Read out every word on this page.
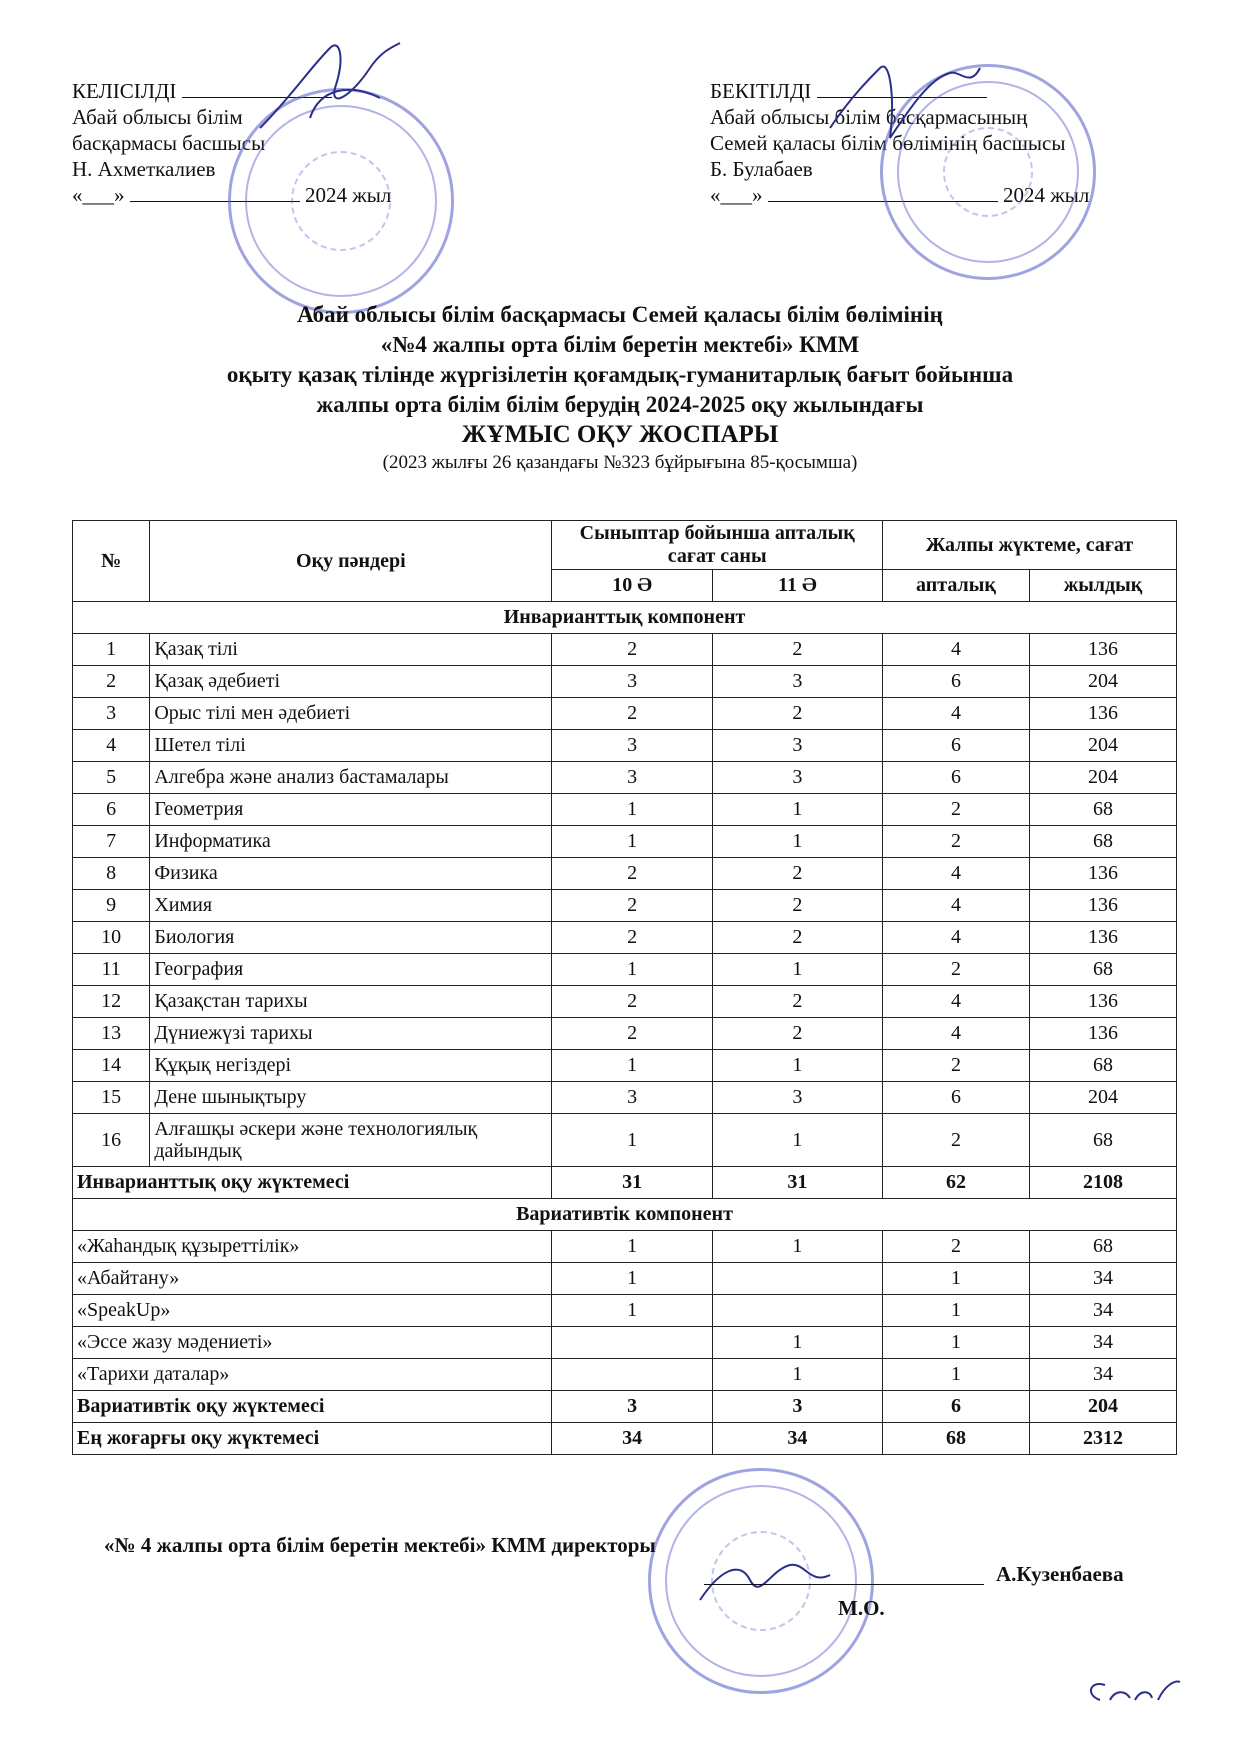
КЕЛІСІЛДІ
Абай облысы білім
басқармасы басшысы
Н. Ахметкалиев
«___»	2024 жыл
БЕКІТІЛДІ
Абай облысы білім басқармасының
Семей қаласы білім бөлімінің басшысы
Б. Булабаев
«___»	2024 жыл
Абай облысы білім басқармасы Семей қаласы білім бөлімінің
«№4 жалпы орта білім беретін мектебі» КММ
оқыту қазақ тілінде жүргізілетін қоғамдық-гуманитарлық бағыт бойынша
жалпы орта білім білім берудің 2024-2025 оқу жылындағы
ЖҰМЫС ОҚУ ЖОСПАРЫ
(2023 жылғы 26 қазандағы №323 бұйрығына 85-қосымша)
№	Оқу пәндері	Сыныптар бойынша апталық сағат саны		Жалпы жүктеме, сағат	
		10 Ә	11 Ә	апталық	жылдық
Инварианттық компонент					
1	Қазақ тілі	2	2	4	136
2	Қазақ әдебиеті	3	3	6	204
3	Орыс тілі мен әдебиеті	2	2	4	136
4	Шетел тілі	3	3	6	204
5	Алгебра және анализ бастамалары	3	3	6	204
6	Геометрия	1	1	2	68
7	Информатика	1	1	2	68
8	Физика	2	2	4	136
9	Химия	2	2	4	136
10	Биология	2	2	4	136
11	География	1	1	2	68
12	Қазақстан тарихы	2	2	4	136
13	Дүниежүзі тарихы	2	2	4	136
14	Құқық негіздері	1	1	2	68
15	Дене шынықтыру	3	3	6	204
16	Алғашқы әскери және технологиялық дайындық	1	1	2	68
Инварианттық оқу жүктемесі		31	31	62	2108
Вариативтік компонент					
«Жаһандық құзыреттілік»		1	1	2	68
«Абайтану»		1		1	34
«SpeakUp»		1		1	34
«Эссе жазу мәдениеті»			1	1	34
«Тарихи даталар»			1	1	34
Вариативтік оқу жүктемесі		3	3	6	204
Ең жоғарғы оқу жүктемесі		34	34	68	2312
«№ 4 жалпы орта білім беретін мектебі» КММ директоры
А.Кузенбаева
М.О.
